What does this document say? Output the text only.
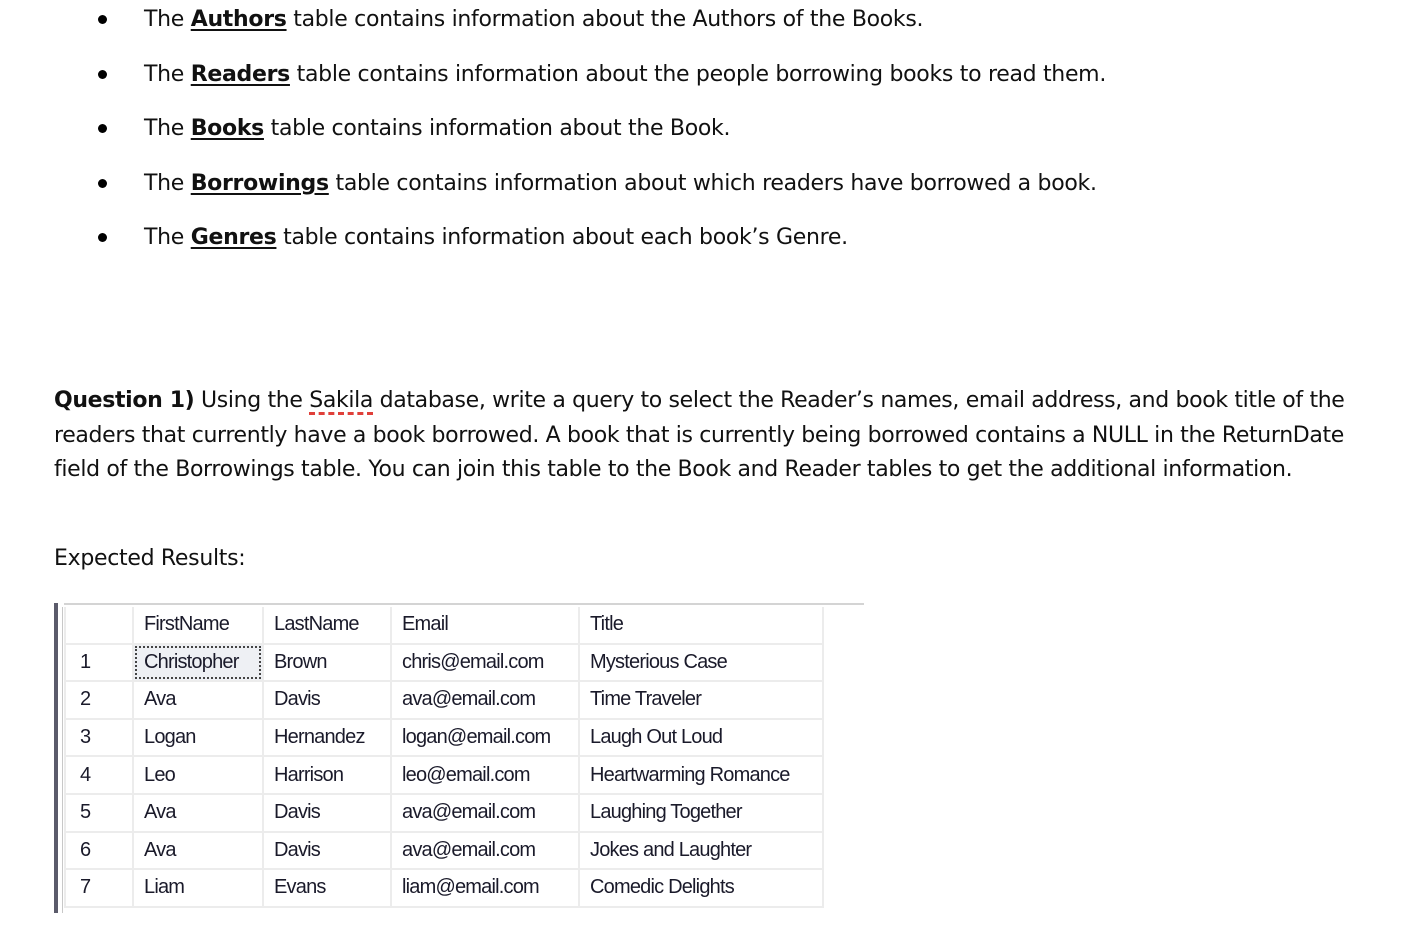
The Authors table contains information about the Authors of the Books.
The Readers table contains information about the people borrowing books to read them.
The Books table contains information about the Book.
The Borrowings table contains information about which readers have borrowed a book.
The Genres table contains information about each book’s Genre.
Question 1) Using the Sakila database, write a query to select the Reader’s names, email address, and book title of the readers that currently have a book borrowed. A book that is currently being borrowed contains a NULL in the ReturnDate field of the Borrowings table. You can join this table to the Book and Reader tables to get the additional information.
Expected Results:
	FirstName	LastName	Email	Title
1	Christopher	Brown	chris@email.com	Mysterious Case
2	Ava	Davis	ava@email.com	Time Traveler
3	Logan	Hernandez	logan@email.com	Laugh Out Loud
4	Leo	Harrison	leo@email.com	Heartwarming Romance
5	Ava	Davis	ava@email.com	Laughing Together
6	Ava	Davis	ava@email.com	Jokes and Laughter
7	Liam	Evans	liam@email.com	Comedic Delights
